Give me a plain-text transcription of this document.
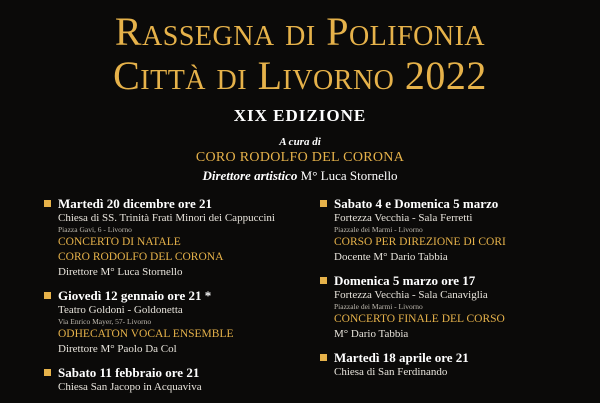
Rassegna di Polifonia
Città di Livorno 2022
XIX EDIZIONE
A cura di
CORO RODOLFO DEL CORONA
Direttore artistico M° Luca Stornello
Martedì 20 dicembre ore 21
Chiesa di SS. Trinità Frati Minori dei Cappuccini
Piazza Gavi, 6 - Livorno
CONCERTO DI NATALE
CORO RODOLFO DEL CORONA
Direttore M° Luca Stornello
Giovedì 12 gennaio ore 21 *
Teatro Goldoni - Goldonetta
Via Enrico Mayer, 57- Livorno
ODHECATON VOCAL ENSEMBLE
Direttore M° Paolo Da Col
Sabato 11 febbraio ore 21
Chiesa San Jacopo in Acquaviva
Sabato 4 e Domenica 5 marzo
Fortezza Vecchia - Sala Ferretti
Piazzale dei Marmi - Livorno
CORSO PER DIREZIONE DI CORI
Docente M° Dario Tabbia
Domenica 5 marzo ore 17
Fortezza Vecchia - Sala Canaviglia
Piazzale dei Marmi - Livorno
CONCERTO FINALE DEL CORSO
M° Dario Tabbia
Martedì 18 aprile ore 21
Chiesa di San Ferdinando
